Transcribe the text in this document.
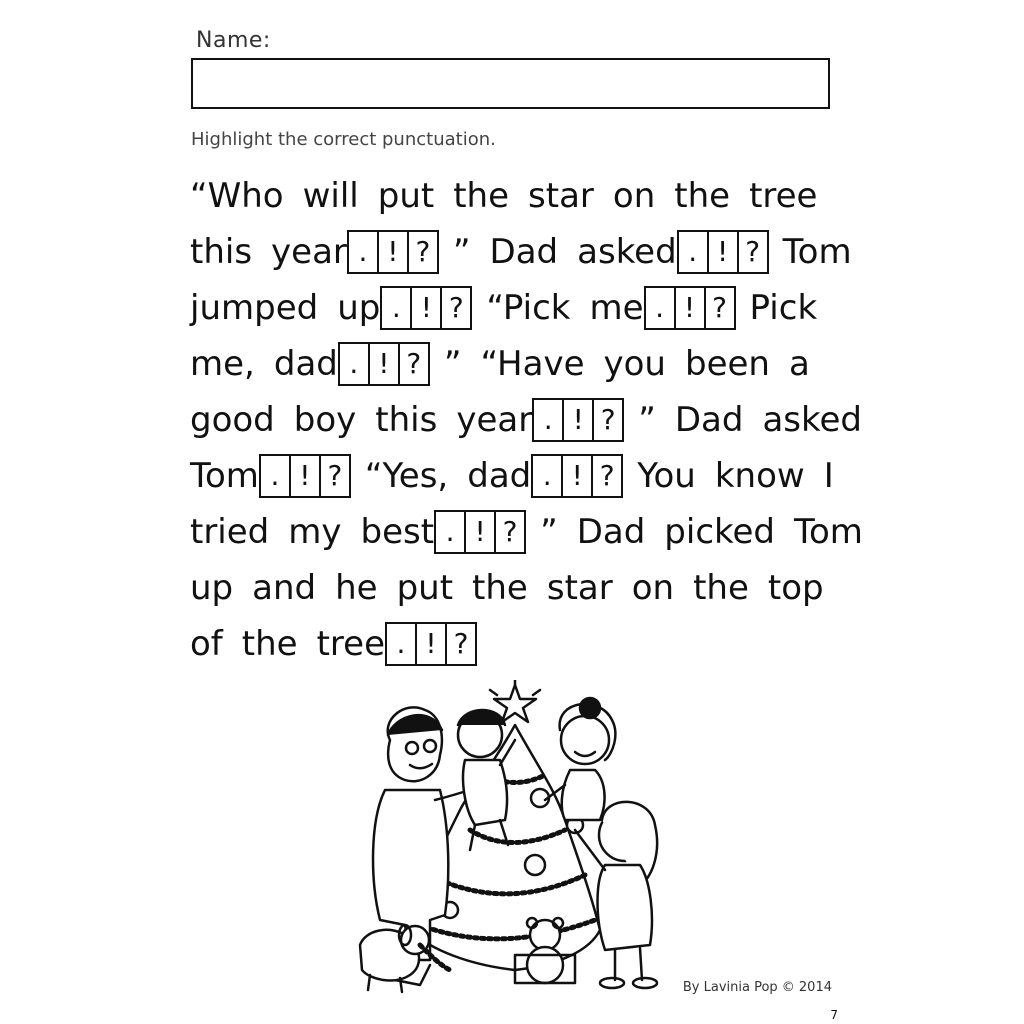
Name:
Highlight the correct punctuation.
“Who will put the star on the tree
this year . ! ? ” Dad asked . ! ? Tom
jumped up . ! ? “Pick me . ! ? Pick
me, dad . ! ? ” “Have you been a
good boy this year . ! ? ” Dad asked
Tom . ! ? “Yes, dad . ! ? You know I
tried my best . ! ? ” Dad picked Tom
up and he put the star on the top
of the tree . ! ?
By Lavinia Pop © 2014
7
